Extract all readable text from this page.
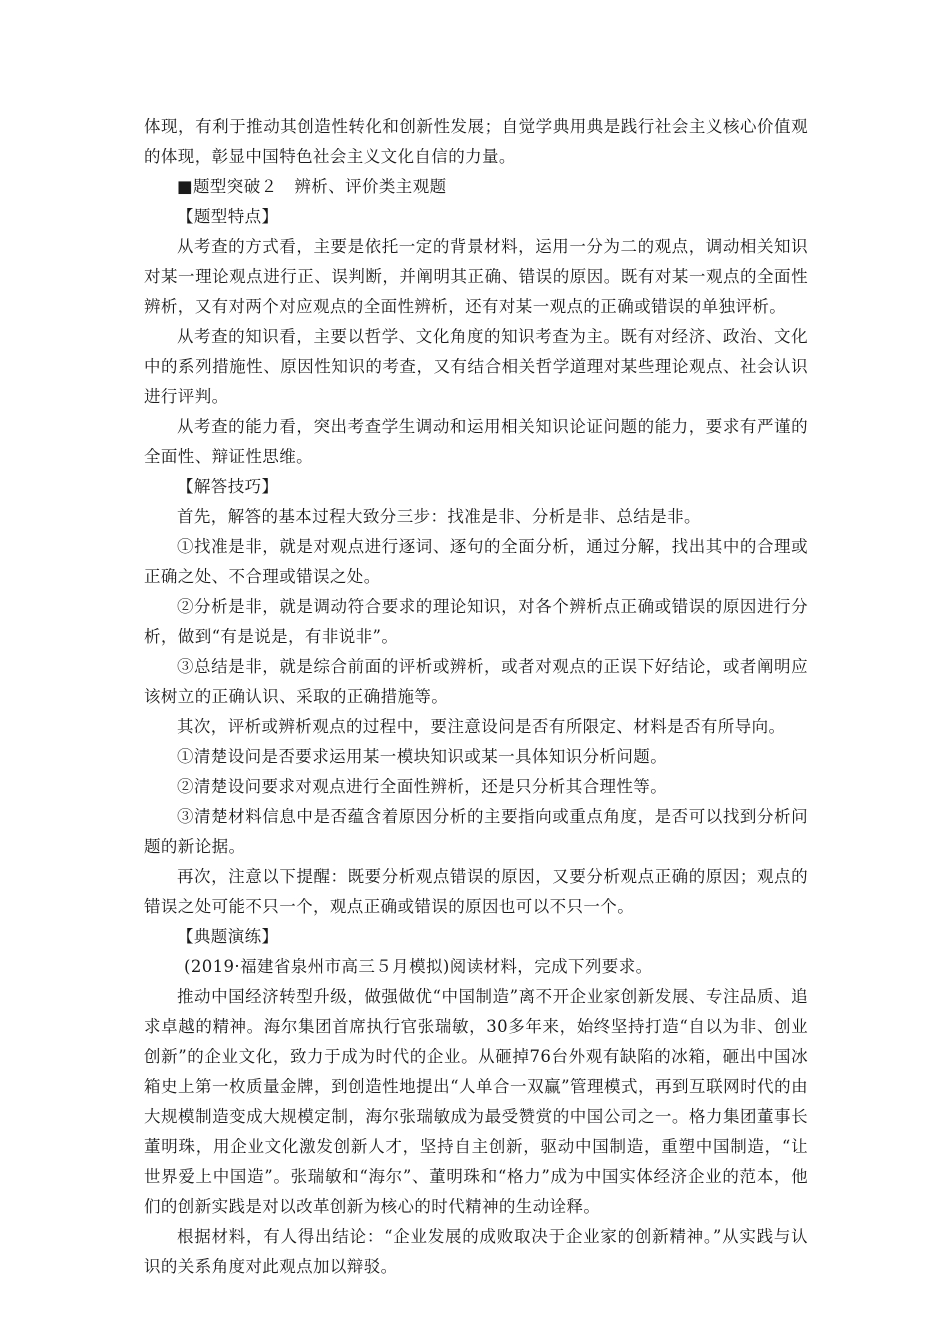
体现，有利于推动其创造性转化和创新性发展；自觉学典用典是践行社会主义核心价值观的体现，彰显中国特色社会主义文化自信的力量。

■题型突破２　辨析、评价类主观题

【题型特点】

从考查的方式看，主要是依托一定的背景材料，运用一分为二的观点，调动相关知识对某一理论观点进行正、误判断，并阐明其正确、错误的原因。既有对某一观点的全面性辨析，又有对两个对应观点的全面性辨析，还有对某一观点的正确或错误的单独评析。

从考查的知识看，主要以哲学、文化角度的知识考查为主。既有对经济、政治、文化中的系列措施性、原因性知识的考查，又有结合相关哲学道理对某些理论观点、社会认识进行评判。

从考查的能力看，突出考查学生调动和运用相关知识论证问题的能力，要求有严谨的全面性、辩证性思维。

【解答技巧】

首先，解答的基本过程大致分三步：找准是非、分析是非、总结是非。

①找准是非，就是对观点进行逐词、逐句的全面分析，通过分解，找出其中的合理或正确之处、不合理或错误之处。

②分析是非，就是调动符合要求的理论知识，对各个辨析点正确或错误的原因进行分析，做到“有是说是，有非说非”。

③总结是非，就是综合前面的评析或辨析，或者对观点的正误下好结论，或者阐明应该树立的正确认识、采取的正确措施等。

其次，评析或辨析观点的过程中，要注意设问是否有所限定、材料是否有所导向。

①清楚设问是否要求运用某一模块知识或某一具体知识分析问题。

②清楚设问要求对观点进行全面性辨析，还是只分析其合理性等。

③清楚材料信息中是否蕴含着原因分析的主要指向或重点角度，是否可以找到分析问题的新论据。

再次，注意以下提醒：既要分析观点错误的原因，又要分析观点正确的原因；观点的错误之处可能不只一个，观点正确或错误的原因也可以不只一个。

【典题演练】

(2019·福建省泉州市高三５月模拟)阅读材料，完成下列要求。

推动中国经济转型升级，做强做优“中国制造”离不开企业家创新发展、专注品质、追求卓越的精神。海尔集团首席执行官张瑞敏，30多年来，始终坚持打造“自以为非、创业创新”的企业文化，致力于成为时代的企业。从砸掉76台外观有缺陷的冰箱，砸出中国冰箱史上第一枚质量金牌，到创造性地提出“人单合一双赢”管理模式，再到互联网时代的由大规模制造变成大规模定制，海尔张瑞敏成为最受赞赏的中国公司之一。格力集团董事长董明珠，用企业文化激发创新人才，坚持自主创新，驱动中国制造，重塑中国制造，“让世界爱上中国造”。张瑞敏和“海尔”、董明珠和“格力”成为中国实体经济企业的范本，他们的创新实践是对以改革创新为核心的时代精神的生动诠释。

根据材料，有人得出结论：“企业发展的成败取决于企业家的创新精神。”从实践与认识的关系角度对此观点加以辩驳。
